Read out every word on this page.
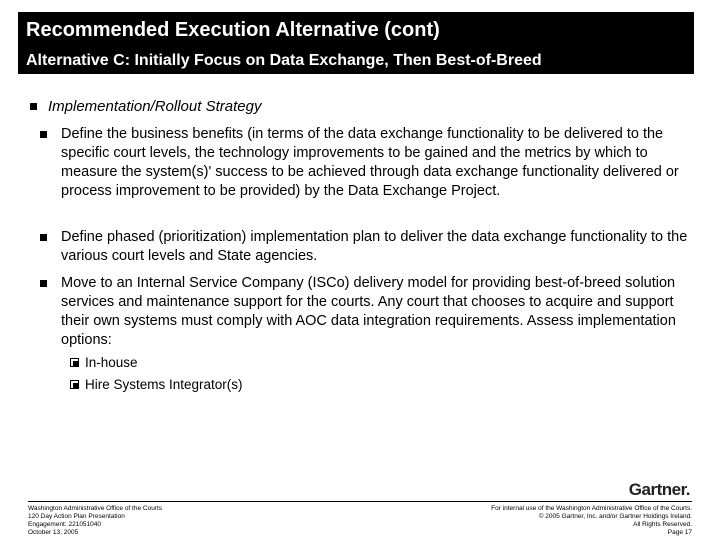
Recommended Execution Alternative (cont)
Alternative C: Initially Focus on Data Exchange, Then Best-of-Breed
Implementation/Rollout Strategy
Define the business benefits (in terms of the data exchange functionality to be delivered to the specific court levels, the technology improvements to be gained and the metrics by which to measure the system(s)' success to be achieved through data exchange functionality delivered or process improvement to be provided) by the Data Exchange Project.
Define phased (prioritization) implementation plan to deliver the data exchange functionality to the various court levels and State agencies.
Move to an Internal Service Company (ISCo) delivery model for providing best-of-breed solution services and maintenance support for the courts. Any court that chooses to acquire and support their own systems must comply with AOC data integration requirements. Assess implementation options:
In-house
Hire Systems Integrator(s)
Gartner.
Washington Administrative Office of the Courts
120 Day Action Plan Presentation
Engagement: 221051040
October 13, 2005
For internal use of the Washington Administrative Office of the Courts.
© 2005 Gartner, Inc. and/or Gartner Holdings Ireland.
All Rights Reserved.
Page 17
